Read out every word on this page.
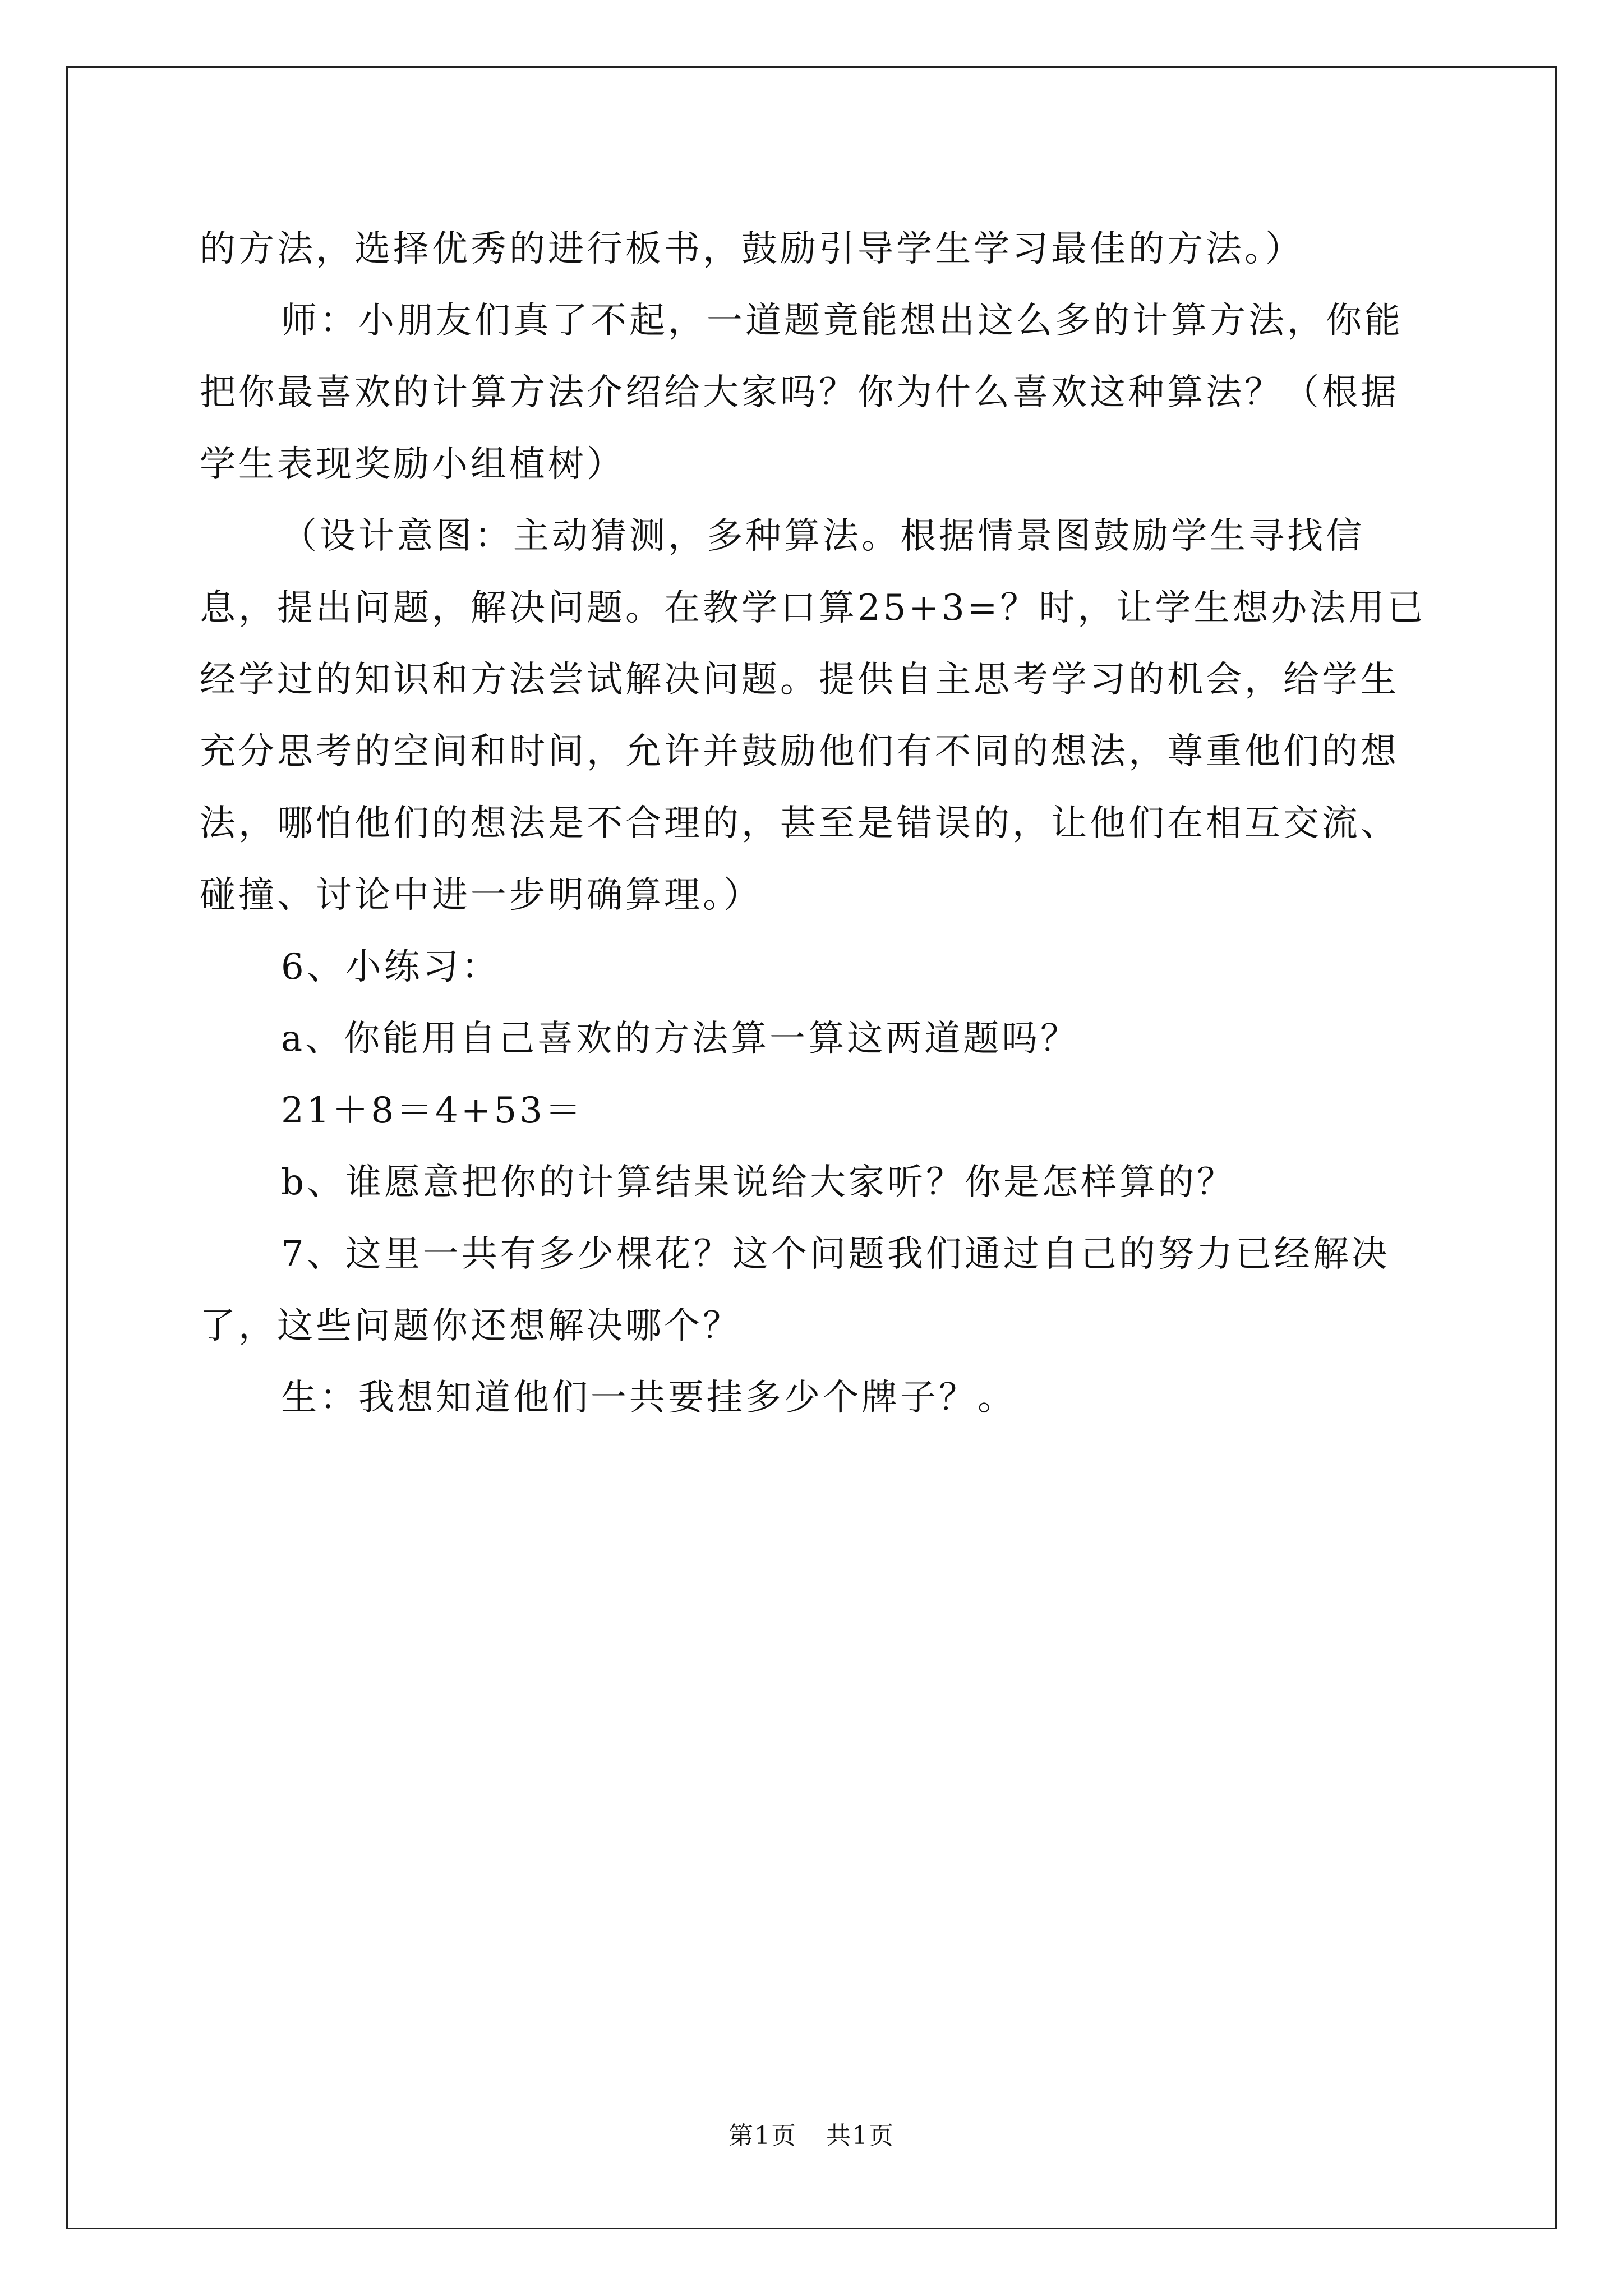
的方法，选择优秀的进行板书，鼓励引导学生学习最佳的方法。）

师：小朋友们真了不起，一道题竟能想出这么多的计算方法，你能把你最喜欢的计算方法介绍给大家吗？你为什么喜欢这种算法？（根据学生表现奖励小组植树）

（设计意图：主动猜测，多种算法。根据情景图鼓励学生寻找信息，提出问题，解决问题。在教学口算25+3=？时，让学生想办法用已经学过的知识和方法尝试解决问题。提供自主思考学习的机会，给学生充分思考的空间和时间，允许并鼓励他们有不同的想法，尊重他们的想法，哪怕他们的想法是不合理的，甚至是错误的，让他们在相互交流、碰撞、讨论中进一步明确算理。）

6、小练习：

a、你能用自己喜欢的方法算一算这两道题吗？

21＋8＝4+53＝

b、谁愿意把你的计算结果说给大家听？你是怎样算的？

7、这里一共有多少棵花？这个问题我们通过自己的努力已经解决了，这些问题你还想解决哪个？

生：我想知道他们一共要挂多少个牌子？。

第1页 共1页
